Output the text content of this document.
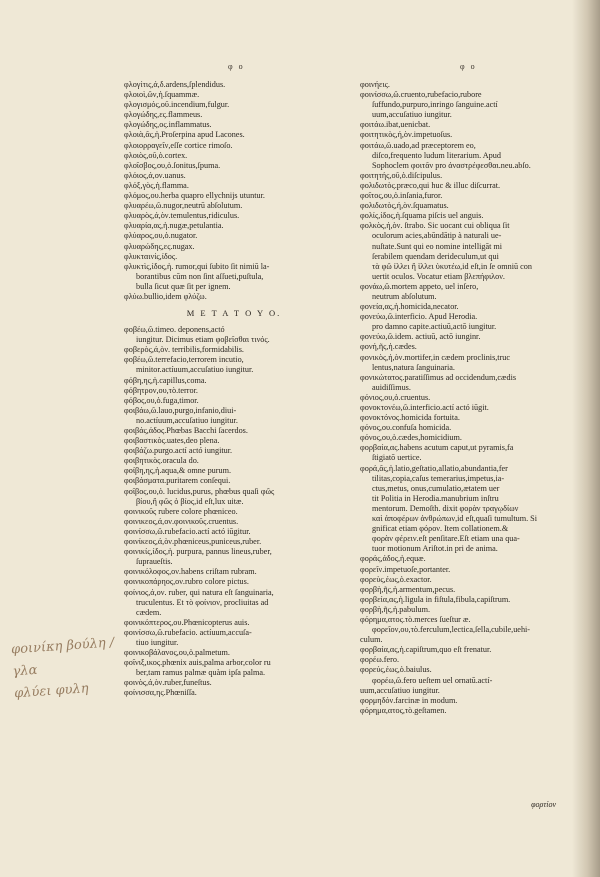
φ o	φ o
φλογίτις,ά,δ.ardens,ſplendidus.
φλοιοὶ,ῶν,ἡ.ſquammæ.
φλογισμός,οῦ.incendium,fulgur.
φλογώδης,ες.flammeus.
φλογώδης,ος.inflammatus.
φλοιὰ,ᾶς,ἡ.Proſerpina apud Lacones.
φλοιορραγεῖν,eſſe cortice rimoſo.
φλοιὸς,οῦ,ὁ.cortex.
φλοῖσβος,ου,ὁ.ſonitus,ſpuma.
φλόιος,ά,ον.uanus.
φλόξ,γὸς,ἡ.flamma.
φλόμος,ου.herba quapro ellychnijs utuntur.
φλυαρέω,ῶ.nugor,neutrū abſolutum.
φλυαρὸς,ά,ὸν.temulentus,ridiculus.
φλυαρία,ας,ἡ.nugæ,petulantia.
φλύαρος,ου,ὁ.nugator.
φλυαρώδης,ες.nugax.
φλυκταινίς,ίδος.
φλυκτὶς,ίδος,ἡ. rumor,qui ſubito ſit nimiū la-
borantibus cūm non ſint aſſueti,puſtula,
bulla ſicut quæ ſit per ignem.
φλύω.bullio,idem φλύζω.
Μ Ε Τ Α Τ Ο Υ Ο.
φοβέω,ῶ.timeo. deponens,actó
iungitur. Dicimus etiam φοβεῖσθαι τινός.
φοβερὸς,ά,ὸν. terribilis,formidabilis.
φοβέω,ῶ.terrefacio,terrorem incutio,
minitor.actíuum,accuſatiuo iungitur.
φόβη,ης,ἡ.capillus,coma.
φόβητρον,ου,τὸ.terror.
φόβος,ου,ὁ.fuga,timor.
φοιβάω,ῶ.lauo,purgo,infanio,diui-
no.actíuum,accuſatiuo iungitur.
φοιβάς,άδος.Phœbas Bacchi ſacerdos.
φοιβαστικὸς.uates,deo plena.
φοιβάζω.purgo.actí actó iungitur.
φοιβητικὸς.oracula do.
φοίβη,ης,ἡ.aqua,& omne purum.
φοιβάσματα.puritarem conſequi.
φοῖβος,ου,ὁ. lucidus,purus, phœbus quaſi φῶς
βίου,ἢ φῶς ὁ βίος,id eſt,lux uitæ.
φοινικοῦς rubere colore phœniceo.
φοινικεος,ά,ον.φοινικοῦς.cruentus.
φοινίσσω,ῶ.rubefacio.actí actó iūgitur.
φοινίκεος,ά,ὸν.phœniceus,puniceus,ruber.
φοινικίς,ίδος,ἡ. purpura, pannus lineus,ruber,
ſupraueſtis.
φοινικόλοφος,ον.habens criſtam rubram.
φοινικοπάρηος,ον.rubro colore pictus.
φοίνιος,ά,ον. ruber, qui natura eſt ſanguinaria,
truculentus. Et τὸ φοίνιον, procliuitas ad
cædem.
φοινικόπτερος,ου.Phœnicopterus auis.
φοινίσσω,ῶ.rubefacio. actíuum,accuſa-
tiuo iungitur.
φοινικοβάλανος,ου,ὁ.palmetum.
φοῖνιξ,ικος.phœnix auis,palma arbor,color ru
ber,tam ramus palmæ quàm ipſa palma.
φοινὸς,ά,ὸν.ruber,funeſtus.
φοίνισσα,ης.Phœniſſa.
φοινήεις.
φοινίσσω,ῶ.cruento,rubefacio,rubore
ſuffundo,purpuro,inringo ſanguine.actí
uum,accuſatiuo iungitur.
φοιτάω.ibat,uenicbat.
φοιτητικὸς,ή,ὸν.impetuoſus.
φοιτάω,ῶ.uado,ad præceptorem eo,
diſco,frequento ludum literarium. Apud
Sophoclem φοιτᾶν pro ἀναστρέφεσθαι.neu.abſo.
φοιτητής,οῦ,ὁ.diſcipulus.
φολιδωτὸς.præco,qui huc & illuc diſcurrat.
φοῖτος,ου,ὁ.inſania,furor.
φολιδωτὸς,ή,ὸν.ſquamatus.
φολίς,ίδος,ἡ.ſquama piſcis uel anguis.
φολκὸς,ή,ὸν. ſtrabo. Sic uocant cui obliqua ſit
oculorum acies,abūndātip à naturali ue-
nuſtate.Sunt qui eo nomine intelligāt mi
ſerabilem quendam derideculum,ut qui
τὰ φῶ ἰλλει ἢ ἱλλει ὑκυτέω,id eſt,in ſe omniū con
uertit oculos. Vocatur etiam βλεπήφιλον.
φονάω,ῶ.mortem appeto, uel inſero,
neutrum abſolutum.
φονεία,ας,ἡ.homicida,necator.
φονεύω,ῶ.interficio. Apud Herodia.
pro damno capite.actiuū,actō iungitur.
φονεύω,ῶ.idem. actiuū, actō iunginr.
φονή,ῆς,ἡ.cædes.
φονικὸς,ή,ὸν.mortifer,in cædem proclinis,truc
lentus,natura ſanguinaria.
φονικώτατος.paratiſſimus ad occidendum,cædis
auidiſſimus.
φόνιος,ου,ὁ.cruentus.
φονοκτονέω,ῶ.interficio.actí actó iūgit.
φονοκτόνος.homicida fortuita.
φόνος,ου.confuſa homicida.
φόνος,ου,ὁ.cædes,homicidium.
φορβαία,ας.habens acutum caput,ut pyramis,fa
ſtigiatō uertice.
φορά,ᾶς,ἡ.latio,geſtatio,allatio,abundantia,fer
tilitas,copia,caſus temerarius,impetus,ia-
ctus,metus, onus,cumulatio,ætatem uer
tit Politia in Herodia.manubrium inſtru
mentorum. Demoſth. dixit φορὰν τραγῳδίων
καὶ ἀποφέρων ἀνθρώπων,id eſt,quaſi tumultum. Si
gnificat etiam φόρον. Item collationem.&
φορὰν φέρειν.eſt penſitare.Eſt etiam una qua-
tuor motionum Ariſtot.in pri de anima.
φοράς,άδος,ἡ.equæ.
φορεῖν.impetuoſe,portanter.
φορεὺς,έως,ὁ.exactor.
φορβὴ,ῆς,ἡ.armentum,pecus.
φορβεία,ας,ἡ.ligula in fiſtula,fibula,capiſtrum.
φορβὴ,ῆς,ἡ.pabulum.
φόρημα,ατος.τὸ.merces ſueſtur æ.
φορεῖον,ου,τὸ.ferculum,lectica,ſella,cubile,uehi-
culum.
φορβαία,ας,ἡ.capiſtrum,quo eſt frenatur.
φορέω.fero.
φορεύς,έως,ὁ.baiulus.
φορέω,ῶ.fero ueſtem uel ornatū.actí-
uum,accuſatiuo iungitur.
φορμηδόν.farcinæ in modum.
φόρημα,ατος,τὸ.geſtamen.
φοινίκη βούλη / γλα
φλύει φυλη
φορτίον
